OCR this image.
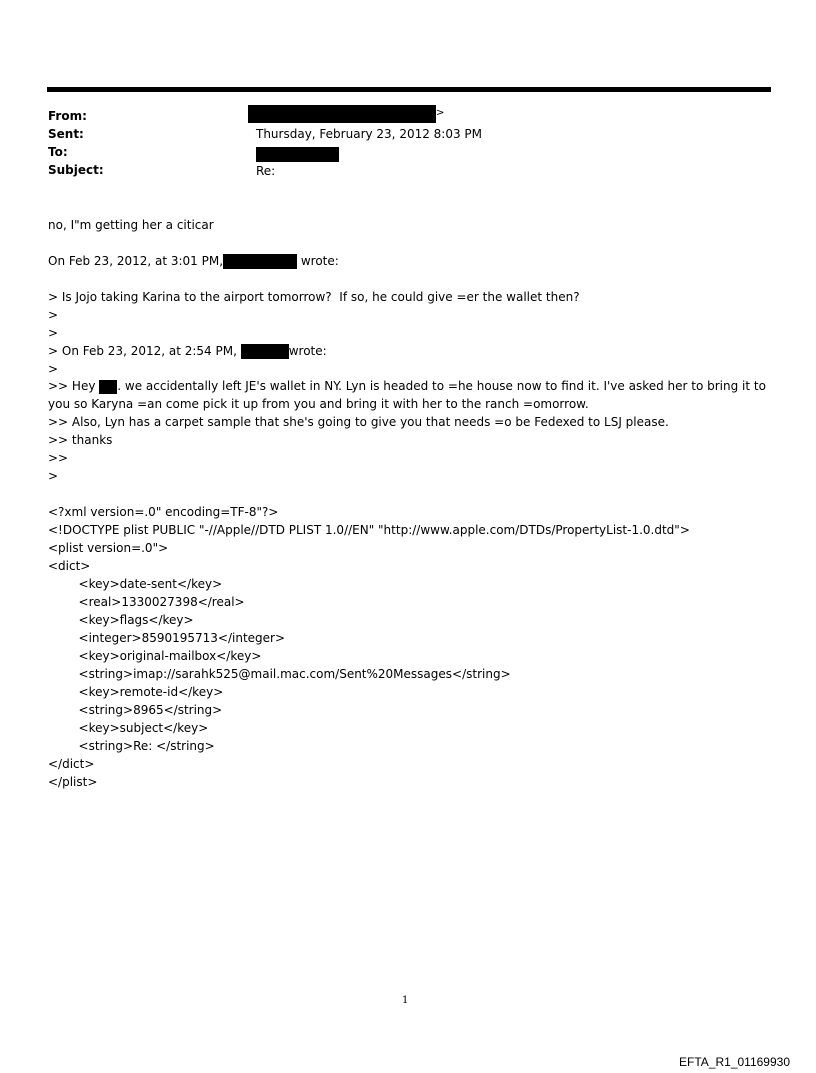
From:	>
Sent:	Thursday, February 23, 2012 8:03 PM
To:
Subject:	Re:
no, I"m getting her a citicar
On Feb 23, 2012, at 3:01 PM,	wrote:
> Is Jojo taking Karina to the airport tomorrow?  If so, he could give =er the wallet then?
>
>
> On Feb 23, 2012, at 2:54 PM,	wrote:
>
>> Hey . we accidentally left JE's wallet in NY. Lyn is headed to =he house now to find it. I've asked her to bring it to you so Karyna =an come pick it up from you and bring it with her to the ranch =omorrow.
>> Also, Lyn has a carpet sample that she's going to give you that needs =o be Fedexed to LSJ please.
>> thanks
>>
>
<?xml version=.0" encoding=TF-8"?>
<!DOCTYPE plist PUBLIC "-//Apple//DTD PLIST 1.0//EN" "http://www.apple.com/DTDs/PropertyList-1.0.dtd">
<plist version=.0">
<dict>
<key>date-sent</key>
<real>1330027398</real>
<key>flags</key>
<integer>8590195713</integer>
<key>original-mailbox</key>
<string>imap://sarahk525@mail.mac.com/Sent%20Messages</string>
<key>remote-id</key>
<string>8965</string>
<key>subject</key>
<string>Re: </string>
</dict>
</plist>
1
EFTA_R1_01169930
